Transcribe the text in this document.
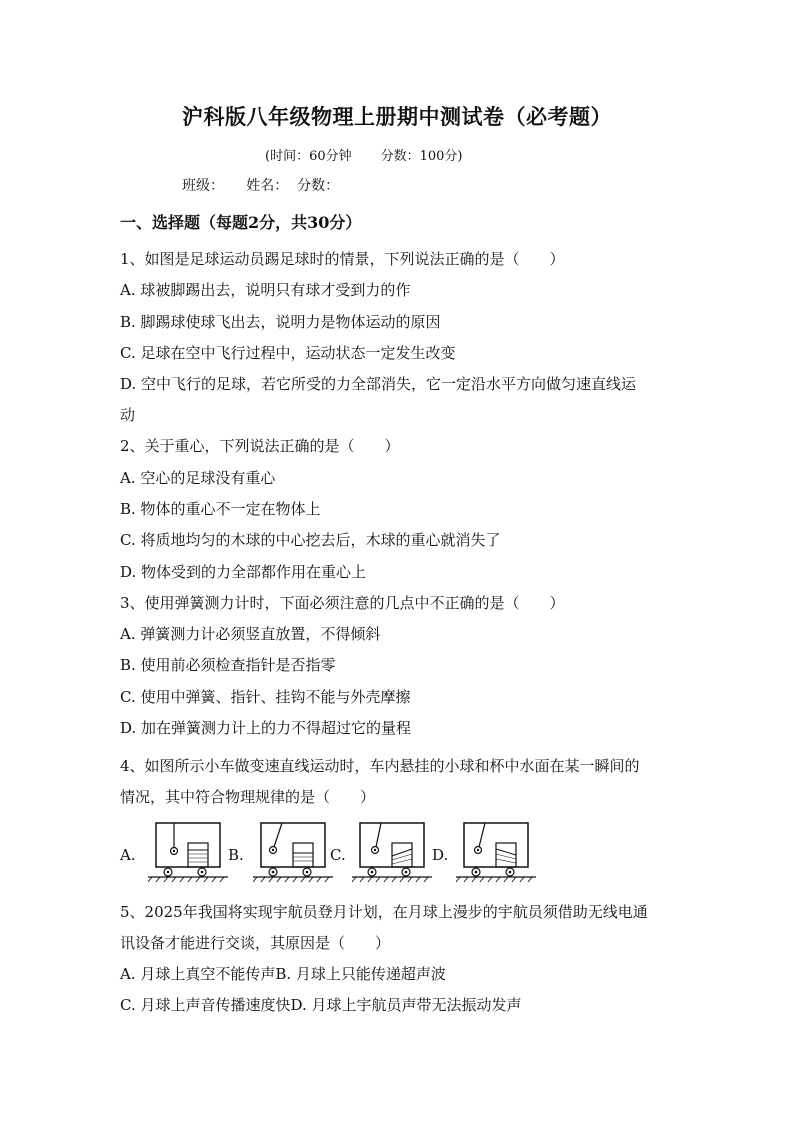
沪科版八年级物理上册期中测试卷（必考题）
(时间：60分钟 分数：100分)
班级： 姓名： 分数：
一、选择题（每题2分，共30分）
1、如图是足球运动员踢足球时的情景，下列说法正确的是（　　）
A. 球被脚踢出去，说明只有球才受到力的作
B. 脚踢球使球飞出去，说明力是物体运动的原因
C. 足球在空中飞行过程中，运动状态一定发生改变
D. 空中飞行的足球，若它所受的力全部消失，它一定沿水平方向做匀速直线运
动
2、关于重心，下列说法正确的是（　　）
A. 空心的足球没有重心
B. 物体的重心不一定在物体上
C. 将质地均匀的木球的中心挖去后，木球的重心就消失了
D. 物体受到的力全部都作用在重心上
3、使用弹簧测力计时，下面必须注意的几点中不正确的是（　　）
A. 弹簧测力计必须竖直放置，不得倾斜
B. 使用前必须检查指针是否指零
C. 使用中弹簧、指针、挂钩不能与外壳摩擦
D. 加在弹簧测力计上的力不得超过它的量程
4、如图所示小车做变速直线运动时，车内悬挂的小球和杯中水面在某一瞬间的
情况，其中符合物理规律的是（　　）
A.	B.	C.	D.
5、2025年我国将实现宇航员登月计划，在月球上漫步的宇航员须借助无线电通
讯设备才能进行交谈，其原因是（　　）
A. 月球上真空不能传声B. 月球上只能传递超声波
C. 月球上声音传播速度快D. 月球上宇航员声带无法振动发声
